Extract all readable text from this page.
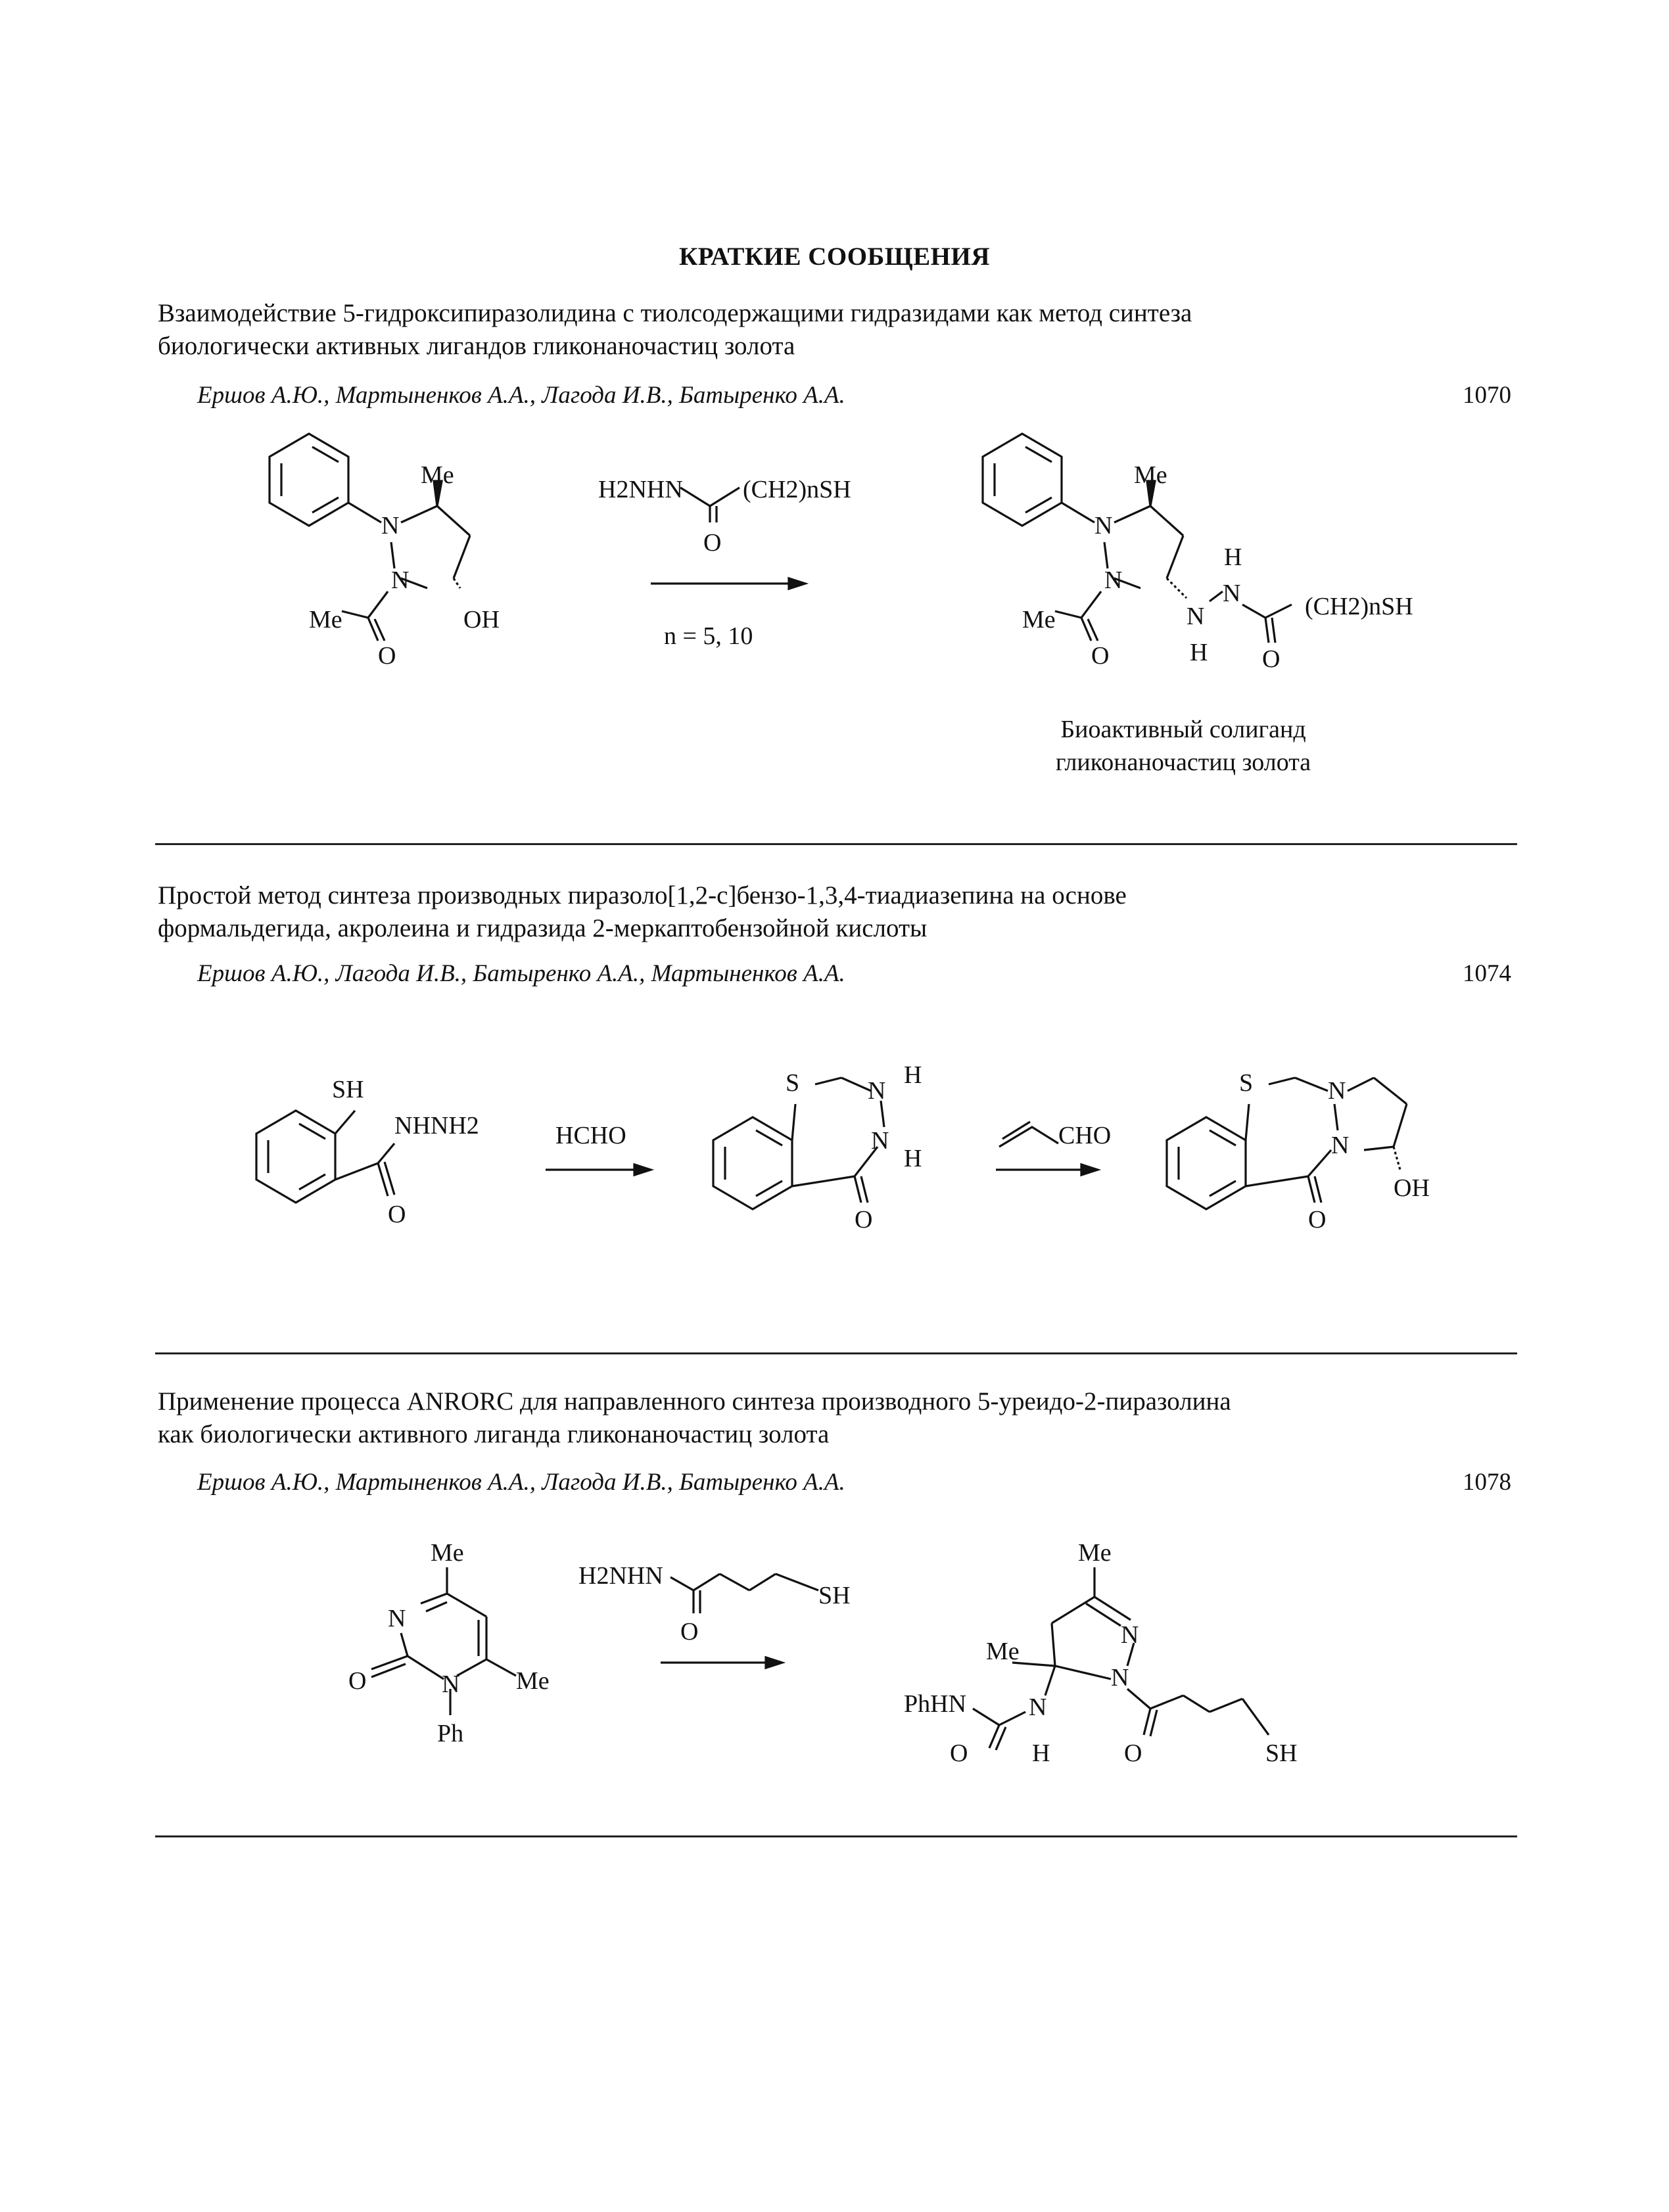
КРАТКИЕ СООБЩЕНИЯ
Взаимодействие 5-гидроксипиразолидина с тиолсодержащими гидразидами как метод синтеза
биологически активных лигандов гликонаночастиц золота
Ершов А.Ю., Мартыненков А.А., Лагода И.В., Батыренко А.А.	1070
Me
N
N
OH
Me
O
H2NHN (CH2)nSH
O
n = 5, 10
Me
N
N
N
H
N
H
(CH2)nSH
O
Me
O
Биоактивный солиганд
гликонаночастиц золота
Простой метод синтеза производных пиразоло[1,2-c]бензо-1,3,4-тиадиазепина на основе
формальдегида, акролеина и гидразида 2-меркаптобензойной кислоты
Ершов А.Ю., Лагода И.В., Батыренко А.А., Мартыненков А.А.	1074
SH
NHNH2
O
HCHO
S	N
H
N
H
O
CHO
S	N
N
OH
O
Применение процесса ANRORC для направленного синтеза производного 5-уреидо-2-пиразолина
как биологически активного лиганда гликонаночастиц золота
Ершов А.Ю., Мартыненков А.А., Лагода И.В., Батыренко А.А.	1078
Me
N
O	N Me
Ph
H2NHN
SH
O
Me
N
N
Me
N
H
PhHN
O	O	SH
